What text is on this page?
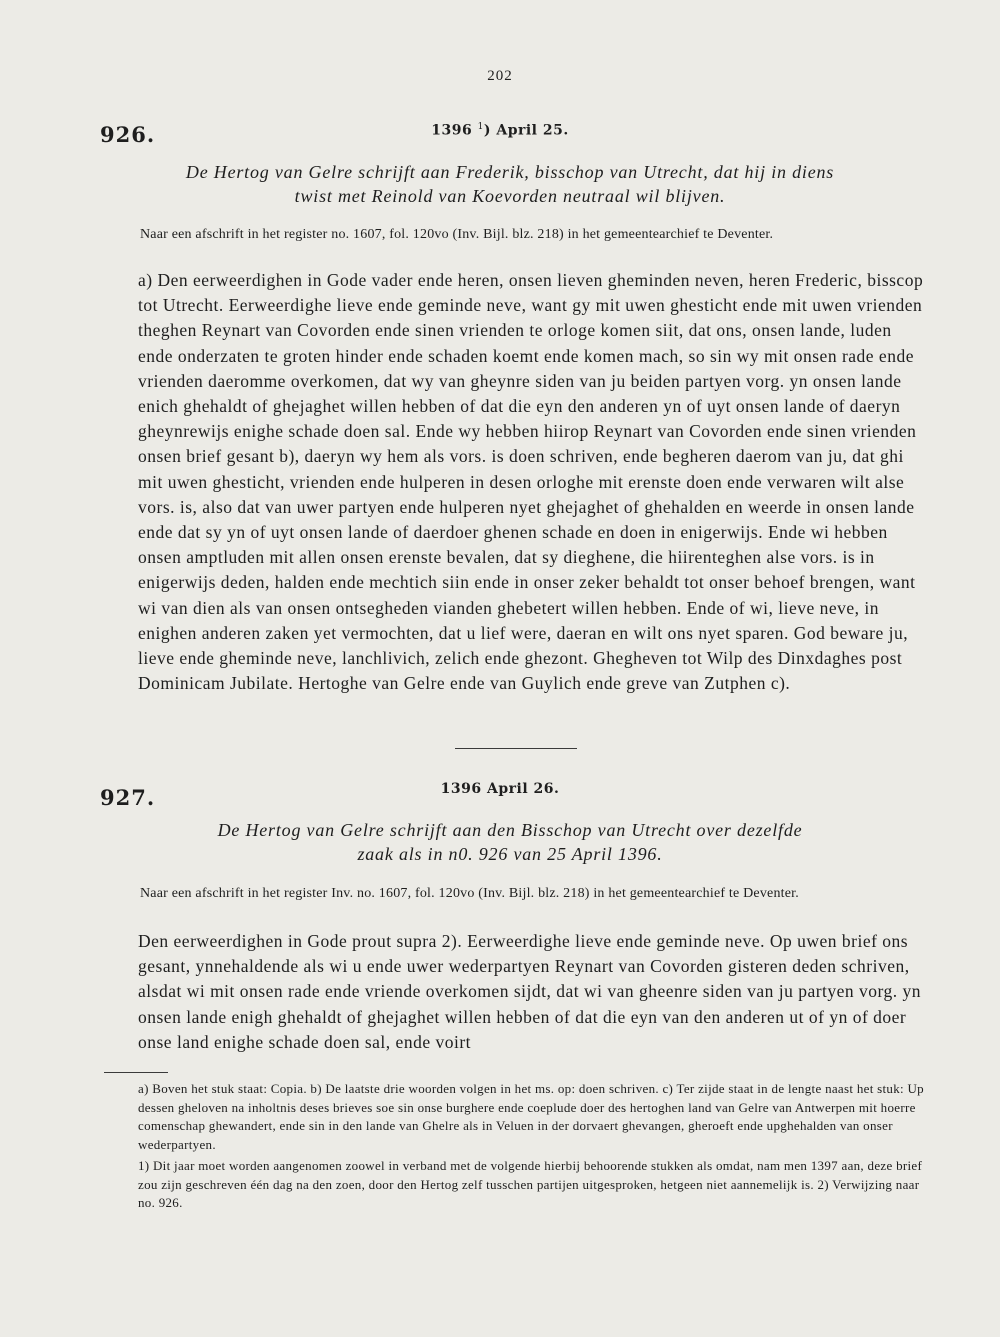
202
926.	1396 $^1$) April 25.
De Hertog van Gelre schrijft aan Frederik, bisschop van Utrecht, dat hij in diens
twist met Reinold van Koevorden neutraal wil blijven.
Naar een afschrift in het register no. 1607, fol. 120vo (Inv. Bijl. blz. 218) in het gemeentearchief te Deventer.

a) Den eerweerdighen in Gode vader ende heren, onsen lieven gheminden neven, heren Frederic, bisscop tot Utrecht. Eerweerdighe lieve ende geminde neve, want gy mit uwen ghesticht ende mit uwen vrienden theghen Reynart van Covorden ende sinen vrienden te orloge komen siit, dat ons, onsen lande, luden ende onderzaten te groten hinder ende schaden koemt ende komen mach, so sin wy mit onsen rade ende vrienden daeromme overkomen, dat wy van gheynre siden van ju beiden partyen vorg. yn onsen lande enich ghehaldt of ghejaghet willen hebben of dat die eyn den anderen yn of uyt onsen lande of daeryn gheynrewijs enighe schade doen sal. Ende wy hebben hiirop Reynart van Covorden ende sinen vrienden onsen brief gesant b), daeryn wy hem als vors. is doen schriven, ende begheren daerom van ju, dat ghi mit uwen ghesticht, vrienden ende hulperen in desen orloghe mit erenste doen ende verwaren wilt alse vors. is, also dat van uwer partyen ende hulperen nyet ghejaghet of ghehalden en weerde in onsen lande ende dat sy yn of uyt onsen lande of daerdoer ghenen schade en doen in enigerwijs. Ende wi hebben onsen amptluden mit allen onsen erenste bevalen, dat sy dieghene, die hiirenteghen alse vors. is in enigerwijs deden, halden ende mechtich siin ende in onser zeker behaldt tot onser behoef brengen, want wi van dien als van onsen ontsegheden vianden ghebetert willen hebben. Ende of wi, lieve neve, in enighen anderen zaken yet vermochten, dat u lief were, daeran en wilt ons nyet sparen. God beware ju, lieve ende gheminde neve, lanchlivich, zelich ende ghezont. Ghegheven tot Wilp des Dinxdaghes post Dominicam Jubilate. Hertoghe van Gelre ende van Guylich ende greve van Zutphen c).

927.	1396 April 26.
De Hertog van Gelre schrijft aan den Bisschop van Utrecht over dezelfde
zaak als in n0. 926 van 25 April 1396.
Naar een afschrift in het register Inv. no. 1607, fol. 120vo (Inv. Bijl. blz. 218) in het gemeentearchief te Deventer.

Den eerweerdighen in Gode prout supra 2). Eerweerdighe lieve ende geminde neve. Op uwen brief ons gesant, ynnehaldende als wi u ende uwer wederpartyen Reynart van Covorden gisteren deden schriven, alsdat wi mit onsen rade ende vriende overkomen sijdt, dat wi van gheenre siden van ju partyen vorg. yn onsen lande enigh ghehaldt of ghejaghet willen hebben of dat die eyn van den anderen ut of yn of doer onse land enighe schade doen sal, ende voirt

a) Boven het stuk staat: Copia. b) De laatste drie woorden volgen in het ms. op: doen schriven. c) Ter zijde staat in de lengte naast het stuk: Up dessen gheloven na inholtnis deses brieves soe sin onse burghere ende coeplude doer des hertoghen land van Gelre van Antwerpen mit hoerre comenschap ghewandert, ende sin in den lande van Ghelre als in Veluen in der dorvaert ghevangen, gheroeft ende upghehalden van onser wederpartyen.

1) Dit jaar moet worden aangenomen zoowel in verband met de volgende hierbij behoorende stukken als omdat, nam men 1397 aan, deze brief zou zijn geschreven één dag na den zoen, door den Hertog zelf tusschen partijen uitgesproken, hetgeen niet aannemelijk is. 2) Verwijzing naar no. 926.
